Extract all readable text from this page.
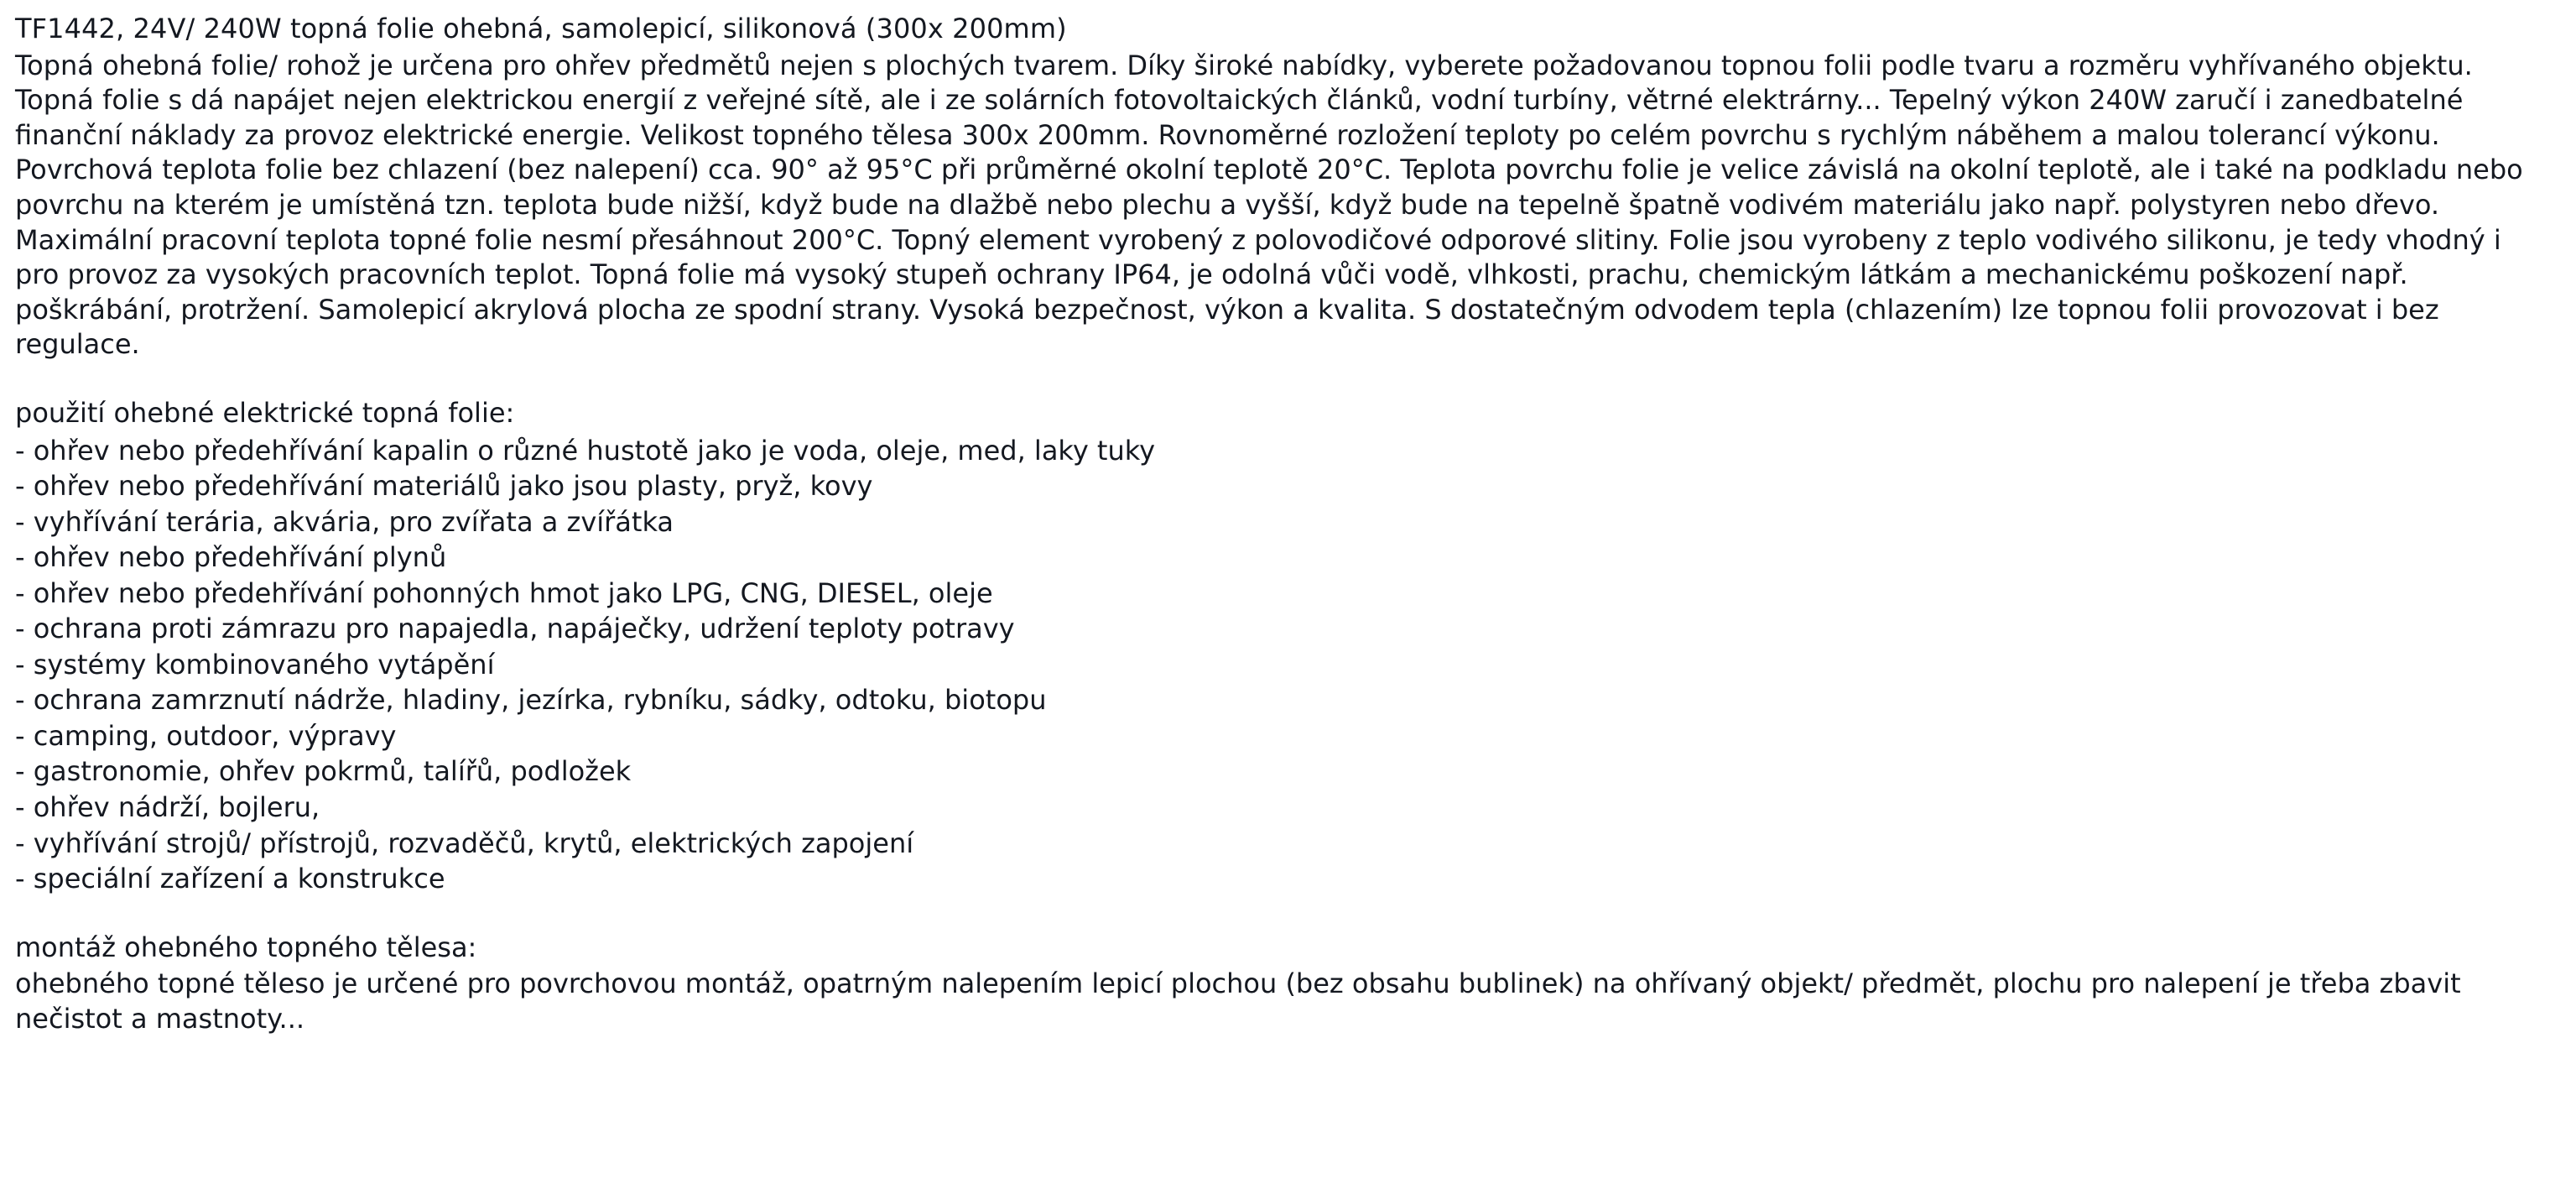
TF1442, 24V/ 240W topná folie ohebná, samolepicí, silikonová (300x 200mm)

Topná ohebná folie/ rohož je určena pro ohřev předmětů nejen s plochých tvarem. Díky široké nabídky, vyberete požadovanou topnou folii podle tvaru a rozměru vyhřívaného objektu. Topná folie s dá napájet nejen elektrickou energií z veřejné sítě, ale i ze solárních fotovoltaických článků, vodní turbíny, větrné elektrárny... Tepelný výkon 240W zaručí i zanedbatelné finanční náklady za provoz elektrické energie. Velikost topného tělesa 300x 200mm. Rovnoměrné rozložení teploty po celém povrchu s rychlým náběhem a malou tolerancí výkonu. Povrchová teplota folie bez chlazení (bez nalepení) cca. 90° až 95°C při průměrné okolní teplotě 20°C. Teplota povrchu folie je velice závislá na okolní teplotě, ale i také na podkladu nebo povrchu na kterém je umístěná tzn. teplota bude nižší, když bude na dlažbě nebo plechu a vyšší, když bude na tepelně špatně vodivém materiálu jako např. polystyren nebo dřevo. Maximální pracovní teplota topné folie nesmí přesáhnout 200°C. Topný element vyrobený z polovodičové odporové slitiny. Folie jsou vyrobeny z teplo vodivého silikonu, je tedy vhodný i pro provoz za vysokých pracovních teplot. Topná folie má vysoký stupeň ochrany IP64, je odolná vůči vodě, vlhkosti, prachu, chemickým látkám a mechanickému poškození např. poškrábání, protržení. Samolepicí akrylová plocha ze spodní strany. Vysoká bezpečnost, výkon a kvalita. S dostatečným odvodem tepla (chlazením) lze topnou folii provozovat i bez regulace.

použití ohebné elektrické topná folie:

- ohřev nebo předehřívání kapalin o různé hustotě jako je voda, oleje, med, laky tuky
- ohřev nebo předehřívání materiálů jako jsou plasty, pryž, kovy
- vyhřívání terária, akvária, pro zvířata a zvířátka
- ohřev nebo předehřívání plynů
- ohřev nebo předehřívání pohonných hmot jako LPG, CNG, DIESEL, oleje
- ochrana proti zámrazu pro napajedla, napáječky, udržení teploty potravy
- systémy kombinovaného vytápění
- ochrana zamrznutí nádrže, hladiny, jezírka, rybníku, sádky, odtoku, biotopu
- camping, outdoor, výpravy
- gastronomie, ohřev pokrmů, talířů, podložek
- ohřev nádrží, bojleru,
- vyhřívání strojů/ přístrojů, rozvaděčů, krytů, elektrických zapojení
- speciální zařízení a konstrukce

montáž ohebného topného tělesa:

ohebného topné těleso je určené pro povrchovou montáž, opatrným nalepením lepicí plochou (bez obsahu bublinek) na ohřívaný objekt/ předmět, plochu pro nalepení je třeba zbavit nečistot a mastnoty...
